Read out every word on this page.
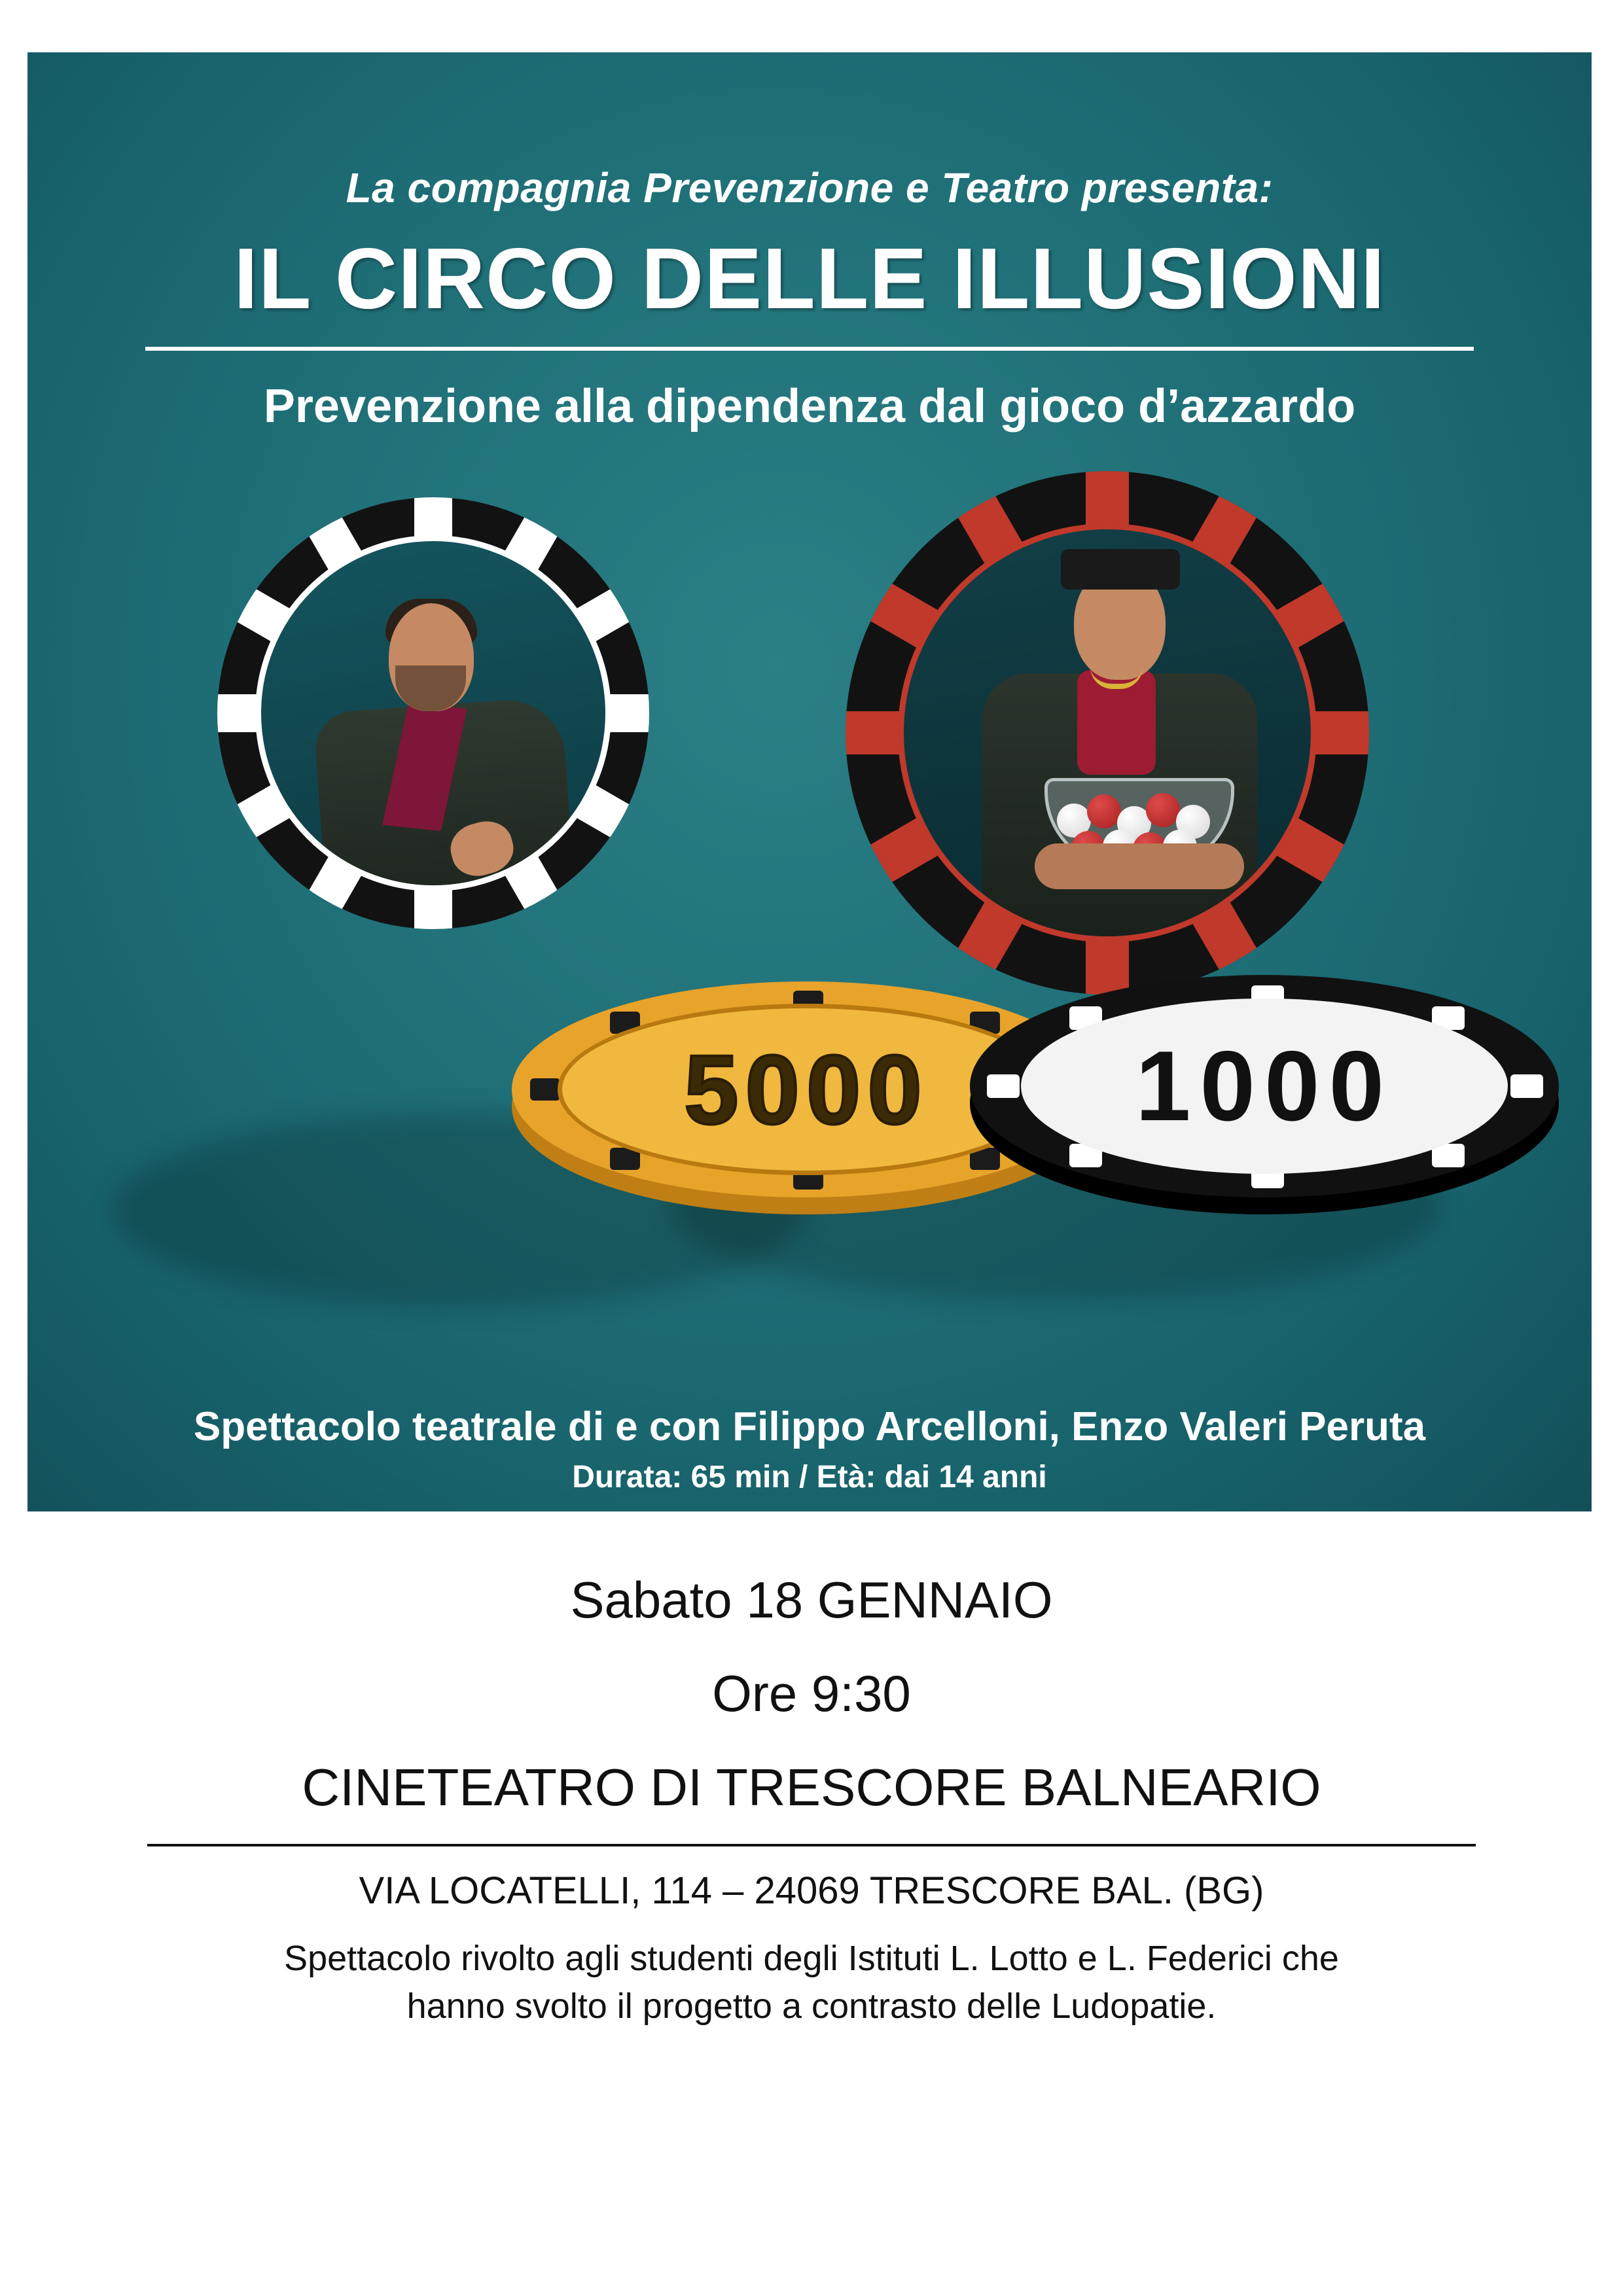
La compagnia Prevenzione e Teatro presenta:
IL CIRCO DELLE ILLUSIONI
Prevenzione alla dipendenza dal gioco d’azzardo
5000 1000
Spettacolo teatrale di e con Filippo Arcelloni, Enzo Valeri Peruta
Durata: 65 min / Età: dai 14 anni
Sabato 18 GENNAIO
Ore 9:30
CINETEATRO DI TRESCORE BALNEARIO
VIA LOCATELLI, 114 – 24069 TRESCORE BAL. (BG)
Spettacolo rivolto agli studenti degli Istituti L. Lotto e L. Federici che
hanno svolto il progetto a contrasto delle Ludopatie.
